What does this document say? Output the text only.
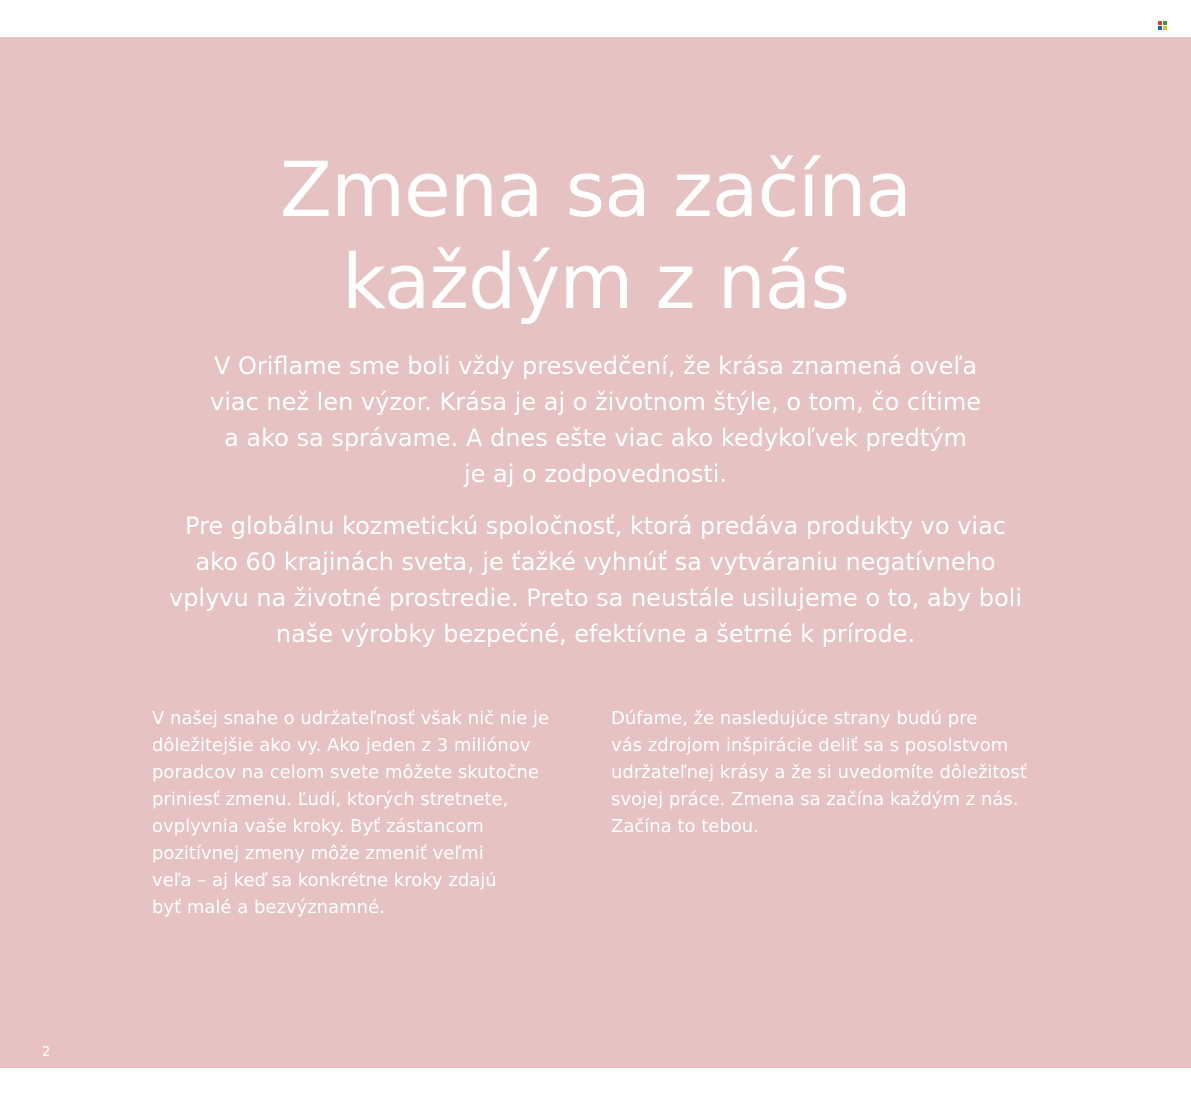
Zmena sa začína
každým z nás

V Oriflame sme boli vždy presvedčení, že krása znamená oveľa
viac než len výzor. Krása je aj o životnom štýle, o tom, čo cítime
a ako sa správame. A dnes ešte viac ako kedykoľvek predtým
je aj o zodpovednosti.

Pre globálnu kozmetickú spoločnosť, ktorá predáva produkty vo viac
ako 60 krajinách sveta, je ťažké vyhnúť sa vytváraniu negatívneho
vplyvu na životné prostredie. Preto sa neustále usilujeme o to, aby boli
naše výrobky bezpečné, efektívne a šetrné k prírode.

V našej snahe o udržateľnosť však nič nie je
dôležitejšie ako vy. Ako jeden z 3 miliónov
poradcov na celom svete môžete skutočne
priniesť zmenu. Ľudí, ktorých stretnete,
ovplyvnia vaše kroky. Byť zástancom
pozitívnej zmeny môže zmeniť veľmi
veľa – aj keď sa konkrétne kroky zdajú
byť malé a bezvýznamné.

Dúfame, že nasledujúce strany budú pre
vás zdrojom inšpirácie deliť sa s posolstvom
udržateľnej krásy a že si uvedomíte dôležitosť
svojej práce. Zmena sa začína každým z nás.
Začína to tebou.

2
